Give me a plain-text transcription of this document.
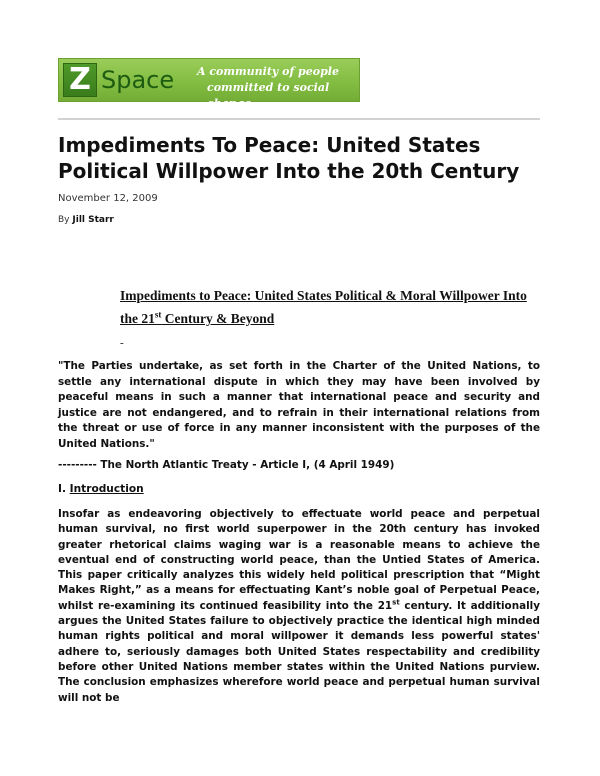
Z Space A community of people
committed to social change
Impediments To Peace: United States Political Willpower Into the 20th Century
November 12, 2009
By Jill Starr
Impediments to Peace: United States Political & Moral Willpower Into the 21st Century & Beyond
-

"The Parties undertake, as set forth in the Charter of the United Nations, to settle any international dispute in which they may have been involved by peaceful means in such a manner that international peace and security and justice are not endangered, and to refrain in their international relations from the threat or use of force in any manner inconsistent with the purposes of the United Nations."

--------- The North Atlantic Treaty - Article I, (4 April 1949)
I. Introduction

Insofar as endeavoring objectively to effectuate world peace and perpetual human survival, no first world superpower in the 20th century has invoked greater rhetorical claims waging war is a reasonable means to achieve the eventual end of constructing world peace, than the Untied States of America. This paper critically analyzes this widely held political prescription that “Might Makes Right,” as a means for effectuating Kant’s noble goal of Perpetual Peace, whilst re-examining its continued feasibility into the 21st century. It additionally argues the United States failure to objectively practice the identical high minded human rights political and moral willpower it demands less powerful states' adhere to, seriously damages both United States respectability and credibility before other United Nations member states within the United Nations purview. The conclusion emphasizes wherefore world peace and perpetual human survival will not be
